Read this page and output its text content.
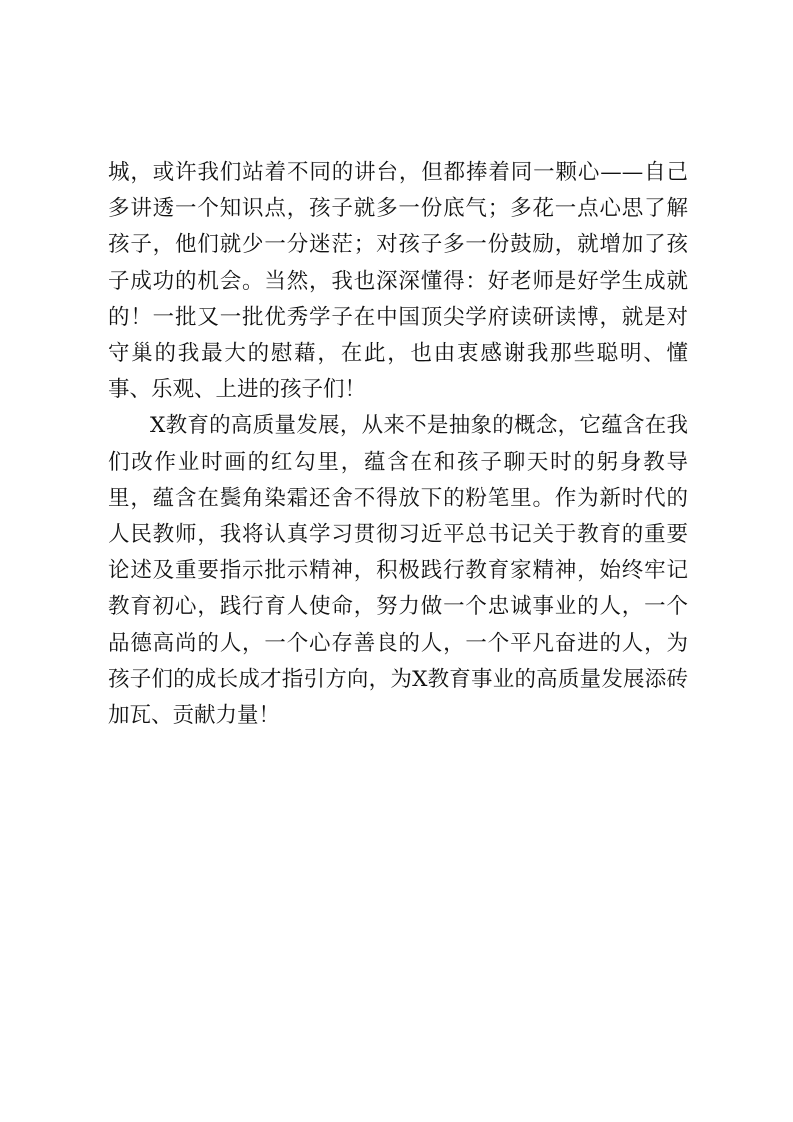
城，或许我们站着不同的讲台，但都捧着同一颗心——自己多讲透一个知识点，孩子就多一份底气；多花一点心思了解孩子，他们就少一分迷茫；对孩子多一份鼓励，就增加了孩子成功的机会。当然，我也深深懂得：好老师是好学生成就的！一批又一批优秀学子在中国顶尖学府读研读博，就是对守巢的我最大的慰藉，在此，也由衷感谢我那些聪明、懂事、乐观、上进的孩子们！

X教育的高质量发展，从来不是抽象的概念，它蕴含在我们改作业时画的红勾里，蕴含在和孩子聊天时的躬身教导里，蕴含在鬓角染霜还舍不得放下的粉笔里。作为新时代的人民教师，我将认真学习贯彻习近平总书记关于教育的重要论述及重要指示批示精神，积极践行教育家精神，始终牢记教育初心，践行育人使命，努力做一个忠诚事业的人，一个品德高尚的人，一个心存善良的人，一个平凡奋进的人，为孩子们的成长成才指引方向，为X教育事业的高质量发展添砖加瓦、贡献力量！
